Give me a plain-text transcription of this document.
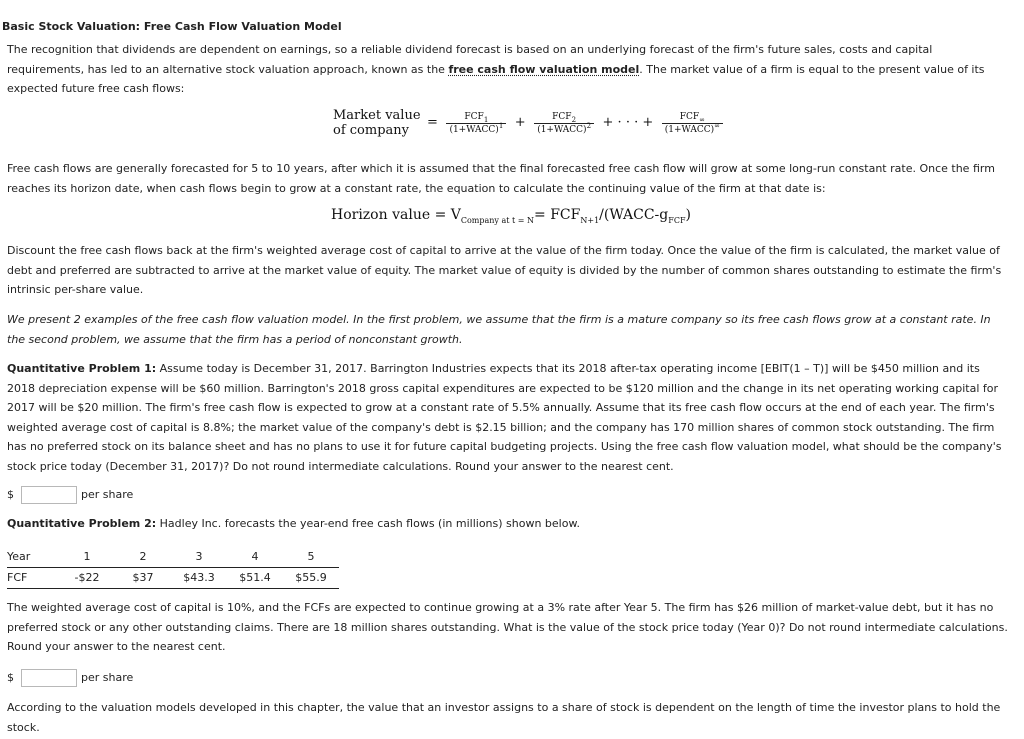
Basic Stock Valuation: Free Cash Flow Valuation Model

The recognition that dividends are dependent on earnings, so a reliable dividend forecast is based on an underlying forecast of the firm's future sales, costs and capital requirements, has led to an alternative stock valuation approach, known as the free cash flow valuation model. The market value of a firm is equal to the present value of its expected future free cash flows:

Market value
of company = $\frac{FCF_1}{(1+WACC)^1} + \frac{FCF_2}{(1+WACC)^2}$ + · · · + $\frac{FCF_\infty}{(1+WACC)^\infty}$

Free cash flows are generally forecasted for 5 to 10 years, after which it is assumed that the final forecasted free cash flow will grow at some long-run constant rate. Once the firm reaches its horizon date, when cash flows begin to grow at a constant rate, the equation to calculate the continuing value of the firm at that date is:

Horizon value = $V_{Company at t = N}=$ $FCF_{N+1}/(WACC-g_{FCF})$

Discount the free cash flows back at the firm's weighted average cost of capital to arrive at the value of the firm today. Once the value of the firm is calculated, the market value of debt and preferred are subtracted to arrive at the market value of equity. The market value of equity is divided by the number of common shares outstanding to estimate the firm's intrinsic per-share value.

We present 2 examples of the free cash flow valuation model. In the first problem, we assume that the firm is a mature company so its free cash flows grow at a constant rate. In the second problem, we assume that the firm has a period of nonconstant growth.

Quantitative Problem 1: Assume today is December 31, 2017. Barrington Industries expects that its 2018 after-tax operating income [EBIT(1 – T)] will be $450 million and its 2018 depreciation expense will be $60 million. Barrington's 2018 gross capital expenditures are expected to be $120 million and the change in its net operating working capital for 2017 will be $20 million. The firm's free cash flow is expected to grow at a constant rate of 5.5% annually. Assume that its free cash flow occurs at the end of each year. The firm's weighted average cost of capital is 8.8%; the market value of the company's debt is $2.15 billion; and the company has 170 million shares of common stock outstanding. The firm has no preferred stock on its balance sheet and has no plans to use it for future capital budgeting projects. Using the free cash flow valuation model, what should be the company's stock price today (December 31, 2017)? Do not round intermediate calculations. Round your answer to the nearest cent.

$	per share

Quantitative Problem 2: Hadley Inc. forecasts the year-end free cash flows (in millions) shown below.

Year	1	2	3	4	5
FCF	-$22	$37	$43.3	$51.4	$55.9

The weighted average cost of capital is 10%, and the FCFs are expected to continue growing at a 3% rate after Year 5. The firm has $26 million of market-value debt, but it has no preferred stock or any other outstanding claims. There are 18 million shares outstanding. What is the value of the stock price today (Year 0)? Do not round intermediate calculations. Round your answer to the nearest cent.

$	per share

According to the valuation models developed in this chapter, the value that an investor assigns to a share of stock is dependent on the length of time the investor plans to hold the stock.
